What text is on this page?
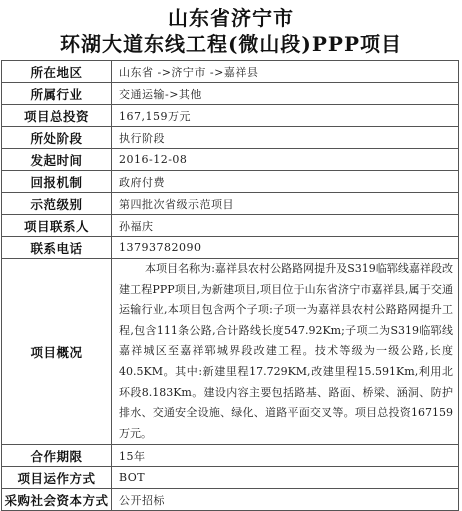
山东省济宁市
环湖大道东线工程(微山段)PPP项目
所在地区	山东省 ->济宁市 ->嘉祥县
所属行业	交通运输->其他
项目总投资	167,159万元
所处阶段	执行阶段
发起时间	2016-12-08
回报机制	政府付费
示范级别	第四批次省级示范项目
项目联系人	孙福庆
联系电话	13793782090
项目概况	本项目名称为:嘉祥县农村公路路网提升及S319临郓线嘉祥段改建工程PPP项目,为新建项目,项目位于山东省济宁市嘉祥县,属于交通运输行业,本项目包含两个子项:子项一为嘉祥县农村公路路网提升工程,包含111条公路,合计路线长度547.92Km;子项二为S319临郓线嘉祥城区至嘉祥郓城界段改建工程。技术等级为一级公路,长度40.5KM。其中:新建里程17.729KM,改建里程15.591Km,利用北环段8.183Km。建设内容主要包括路基、路面、桥梁、涵洞、防护排水、交通安全设施、绿化、道路平面交叉等。项目总投资167159万元。
合作期限	15年
项目运作方式	BOT
采购社会资本方式	公开招标
